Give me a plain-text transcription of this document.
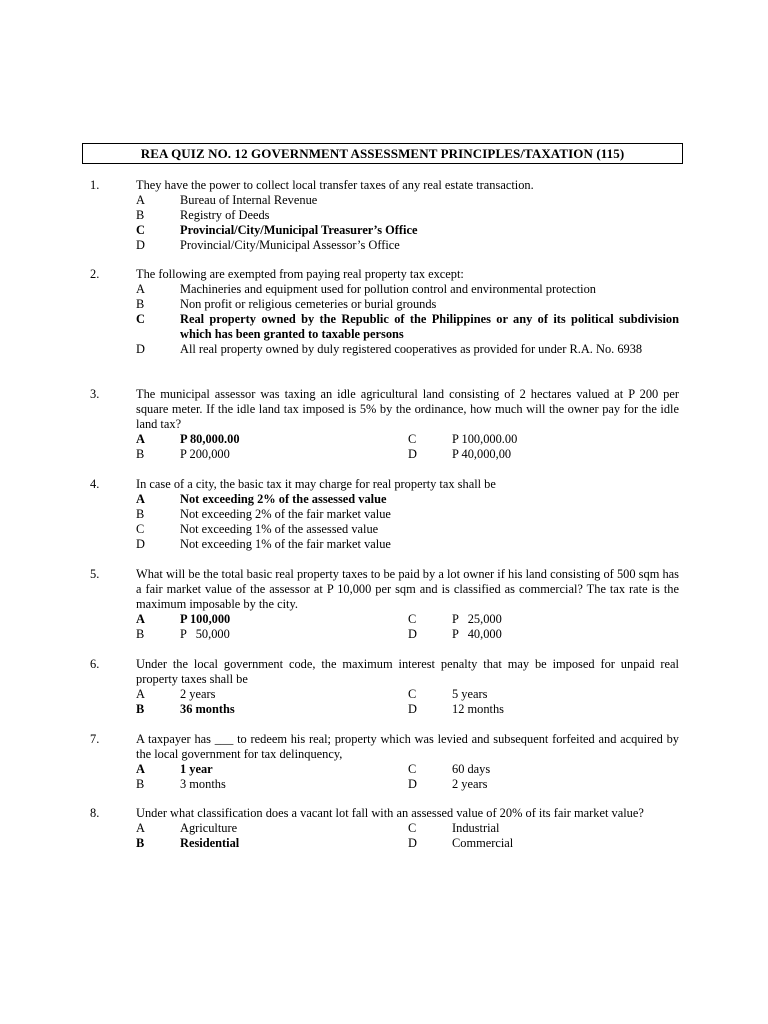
REA QUIZ NO. 12 GOVERNMENT ASSESSMENT PRINCIPLES/TAXATION (115)
1.	They have the power to collect local transfer taxes of any real estate transaction.
A	Bureau of Internal Revenue
B	Registry of Deeds
C	Provincial/City/Municipal Treasurer’s Office
D	Provincial/City/Municipal Assessor’s Office
2.	The following are exempted from paying real property tax except:
A	Machineries and equipment used for pollution control and environmental protection
B	Non profit or religious cemeteries or burial grounds
C	Real property owned by the Republic of the Philippines or any of its political subdivision which has been granted to taxable persons
D	All real property owned by duly registered cooperatives as provided for under R.A. No. 6938
3.	The municipal assessor was taxing an idle agricultural land consisting of 2 hectares valued at P 200 per square meter. If the idle land tax imposed is 5% by the ordinance, how much will the owner pay for the idle land tax?
A	P 80,000.00	C	P 100,000.00
B	P 200,000	D	P 40,000,00
4.	In case of a city, the basic tax it may charge for real property tax shall be
A	Not exceeding 2% of the assessed value
B	Not exceeding 2% of the fair market value
C	Not exceeding 1% of the assessed value
D	Not exceeding 1% of the fair market value
5.	What will be the total basic real property taxes to be paid by a lot owner if his land consisting of 500 sqm has a fair market value of the assessor at P 10,000 per sqm and is classified as commercial? The tax rate is the maximum imposable by the city.
A	P 100,000	C	P   25,000
B	P   50,000	D	P   40,000
6.	Under the local government code, the maximum interest penalty that may be imposed for unpaid real property taxes shall be
A	2 years	C	5 years
B	36 months	D	12 months
7.	A taxpayer has ___ to redeem his real; property which was levied and subsequent forfeited and acquired by the local government for tax delinquency,
A	1 year	C	60 days
B	3 months	D	2 years
8.	Under what classification does a vacant lot fall with an assessed value of 20% of its fair market value?
A	Agriculture	C	Industrial
B	Residential	D	Commercial
